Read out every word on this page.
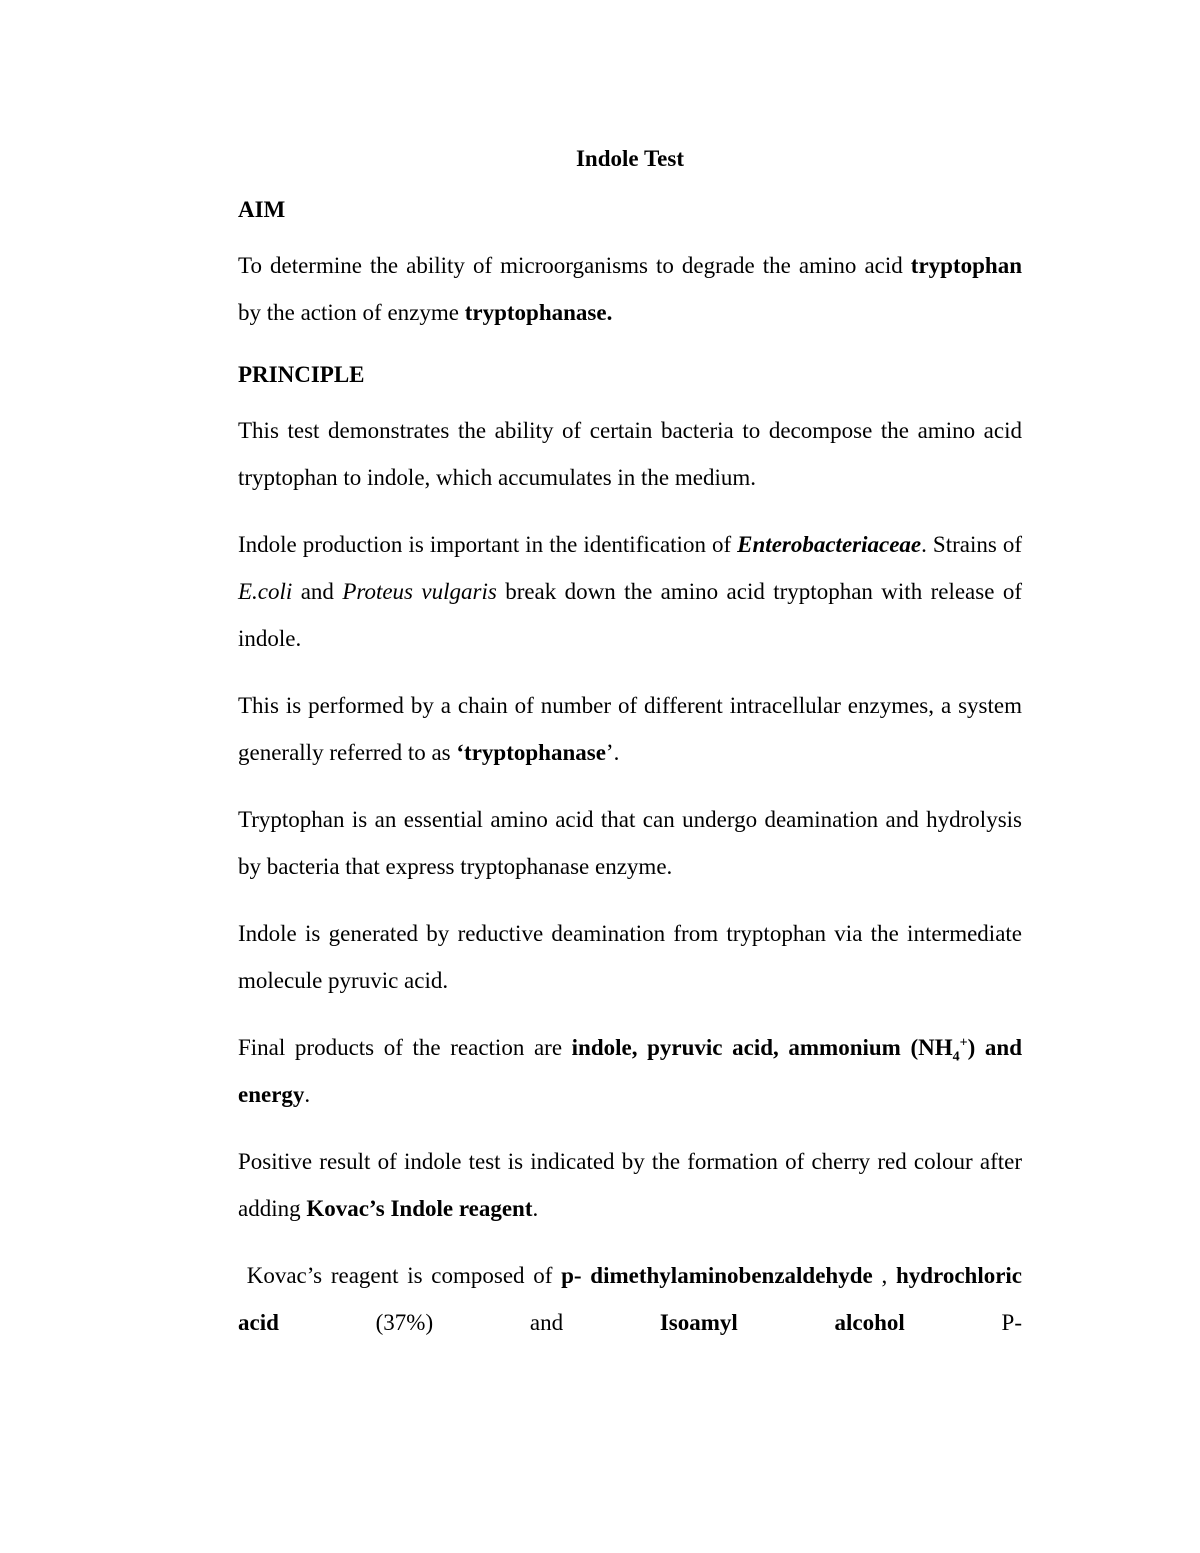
Indole Test
AIM

To determine the ability of microorganisms to degrade the amino acid tryptophan by the action of enzyme tryptophanase.

PRINCIPLE

This test demonstrates the ability of certain bacteria to decompose the amino acid tryptophan to indole, which accumulates in the medium.

Indole production is important in the identification of Enterobacteriaceae. Strains of E.coli and Proteus vulgaris break down the amino acid tryptophan with release of indole.

This is performed by a chain of number of different intracellular enzymes, a system generally referred to as ‘tryptophanase’.

Tryptophan is an essential amino acid that can undergo deamination and hydrolysis by bacteria that express tryptophanase enzyme.

Indole is generated by reductive deamination from tryptophan via the intermediate molecule pyruvic acid.

Final products of the reaction are indole, pyruvic acid, ammonium $(NH_4^+)$ and energy.

Positive result of indole test is indicated by the formation of cherry red colour after adding Kovac’s Indole reagent.

Kovac’s reagent is composed of p- dimethylaminobenzaldehyde , hydrochloric acid (37%) and Isoamyl alcohol P-
